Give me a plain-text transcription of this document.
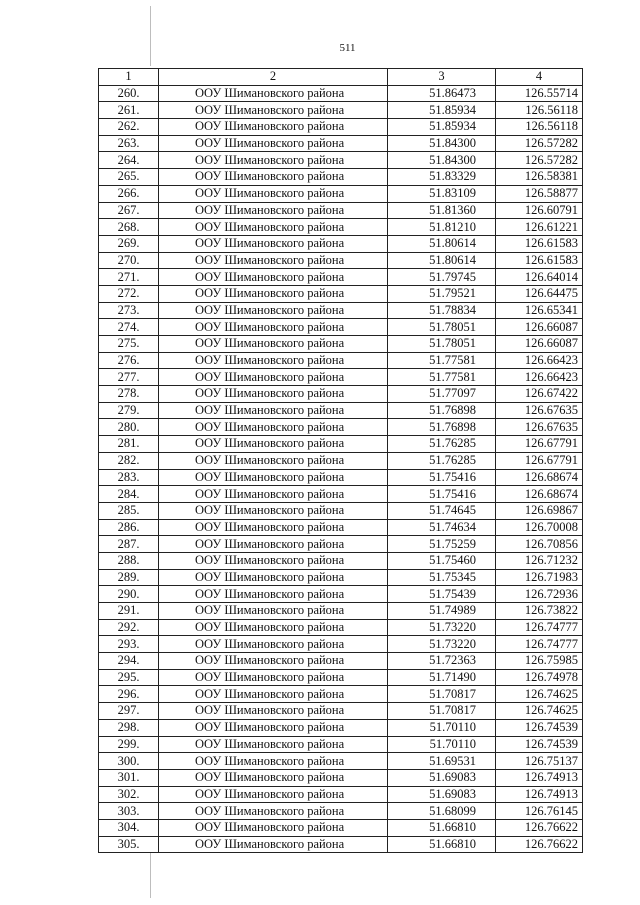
511
1	2	3	4
260.	ООУ Шимановского района	51.86473	126.55714
261.	ООУ Шимановского района	51.85934	126.56118
262.	ООУ Шимановского района	51.85934	126.56118
263.	ООУ Шимановского района	51.84300	126.57282
264.	ООУ Шимановского района	51.84300	126.57282
265.	ООУ Шимановского района	51.83329	126.58381
266.	ООУ Шимановского района	51.83109	126.58877
267.	ООУ Шимановского района	51.81360	126.60791
268.	ООУ Шимановского района	51.81210	126.61221
269.	ООУ Шимановского района	51.80614	126.61583
270.	ООУ Шимановского района	51.80614	126.61583
271.	ООУ Шимановского района	51.79745	126.64014
272.	ООУ Шимановского района	51.79521	126.64475
273.	ООУ Шимановского района	51.78834	126.65341
274.	ООУ Шимановского района	51.78051	126.66087
275.	ООУ Шимановского района	51.78051	126.66087
276.	ООУ Шимановского района	51.77581	126.66423
277.	ООУ Шимановского района	51.77581	126.66423
278.	ООУ Шимановского района	51.77097	126.67422
279.	ООУ Шимановского района	51.76898	126.67635
280.	ООУ Шимановского района	51.76898	126.67635
281.	ООУ Шимановского района	51.76285	126.67791
282.	ООУ Шимановского района	51.76285	126.67791
283.	ООУ Шимановского района	51.75416	126.68674
284.	ООУ Шимановского района	51.75416	126.68674
285.	ООУ Шимановского района	51.74645	126.69867
286.	ООУ Шимановского района	51.74634	126.70008
287.	ООУ Шимановского района	51.75259	126.70856
288.	ООУ Шимановского района	51.75460	126.71232
289.	ООУ Шимановского района	51.75345	126.71983
290.	ООУ Шимановского района	51.75439	126.72936
291.	ООУ Шимановского района	51.74989	126.73822
292.	ООУ Шимановского района	51.73220	126.74777
293.	ООУ Шимановского района	51.73220	126.74777
294.	ООУ Шимановского района	51.72363	126.75985
295.	ООУ Шимановского района	51.71490	126.74978
296.	ООУ Шимановского района	51.70817	126.74625
297.	ООУ Шимановского района	51.70817	126.74625
298.	ООУ Шимановского района	51.70110	126.74539
299.	ООУ Шимановского района	51.70110	126.74539
300.	ООУ Шимановского района	51.69531	126.75137
301.	ООУ Шимановского района	51.69083	126.74913
302.	ООУ Шимановского района	51.69083	126.74913
303.	ООУ Шимановского района	51.68099	126.76145
304.	ООУ Шимановского района	51.66810	126.76622
305.	ООУ Шимановского района	51.66810	126.76622
